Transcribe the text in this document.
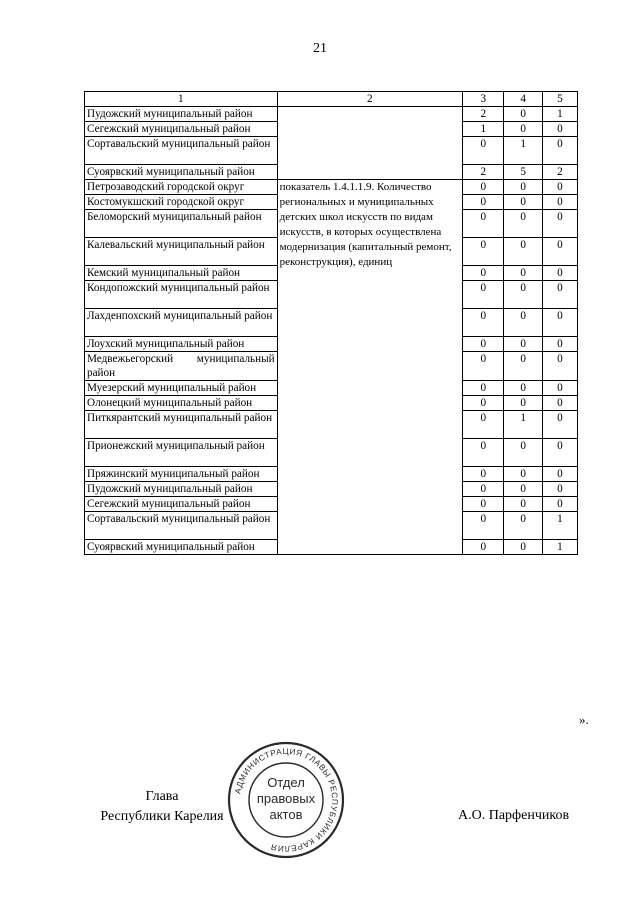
21
1	2	3	4	5
Пудожский муниципальный район		2	0	1
Сегежский муниципальный район		1	0	0
Сортавальский муниципальный район		0	1	0
Суоярвский муниципальный район		2	5	2
Петрозаводский городской округ	показатель 1.4.1.1.9. Количество региональных и муниципальных детских школ искусств по видам искусств, в которых осуществлена модернизация (капитальный ремонт, реконструкция), единиц	0	0	0
Костомукшский городской округ		0	0	0
Беломорский муниципальный район		0	0	0
Калевальский муниципальный район		0	0	0
Кемский муниципальный район		0	0	0
Кондопожский муниципальный район		0	0	0
Лахденпохский муниципальный район		0	0	0
Лоухский муниципальный район		0	0	0
Медвежьегорский муниципальный район		0	0	0
Муезерский муниципальный район		0	0	0
Олонецкий муниципальный район		0	0	0
Питкярантский муниципальный район		0	1	0
Прионежский муниципальный район		0	0	0
Пряжинский муниципальный район		0	0	0
Пудожский муниципальный район		0	0	0
Сегежский муниципальный район		0	0	0
Сортавальский муниципальный район		0	0	1
Суоярвский муниципальный район		0	0	1
».
Глава
Республики Карелия
АДМИНИСТРАЦИЯ ГЛАВЫ РЕСПУБЛИКИ КАРЕЛИЯ
Отдел
правовых
актов	А.О. Парфенчиков
